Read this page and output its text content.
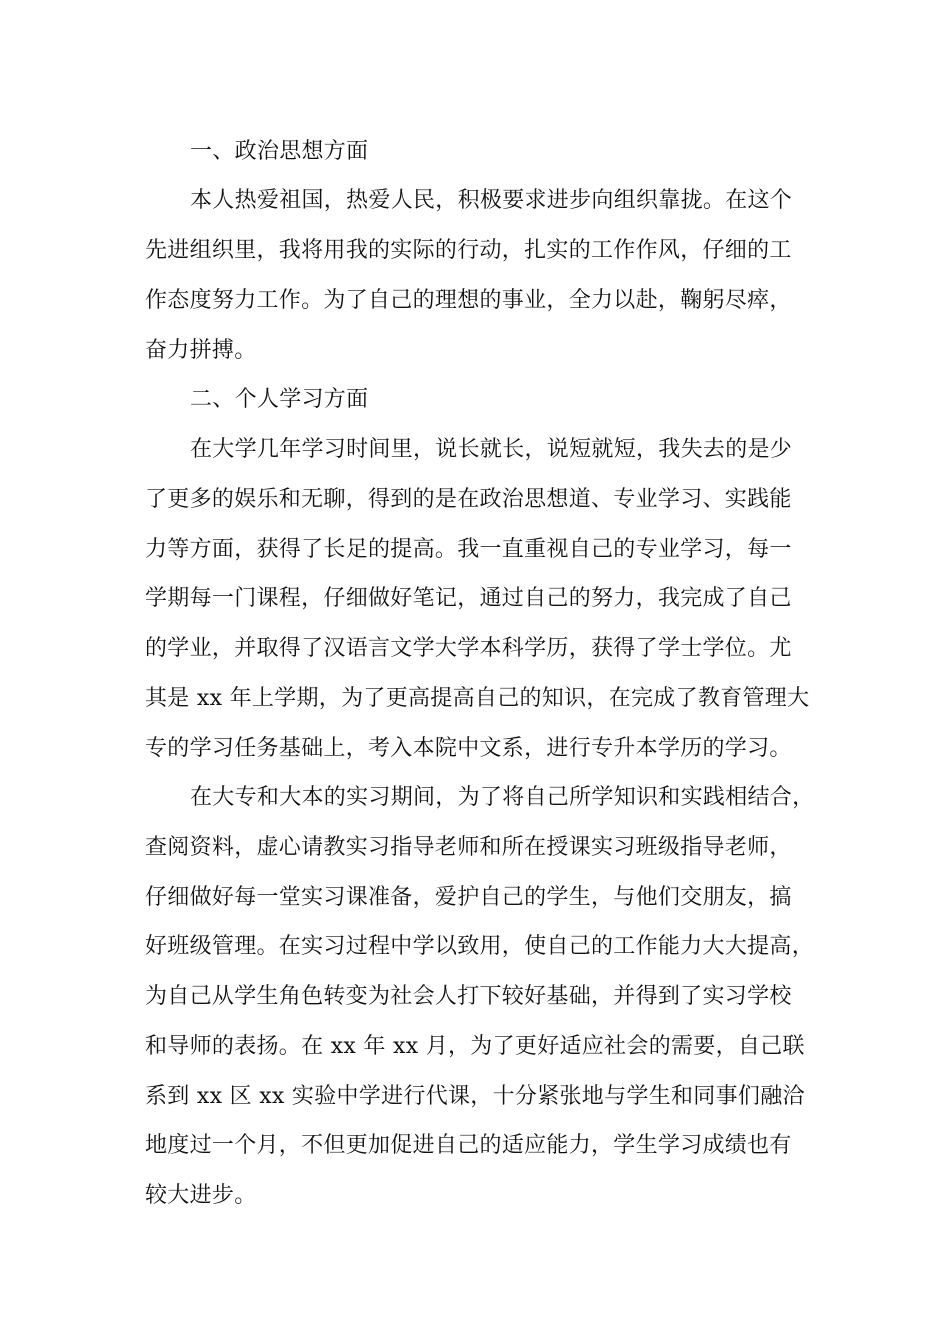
一、政治思想方面

本人热爱祖国，热爱人民，积极要求进步向组织靠拢。在这个

先进组织里，我将用我的实际的行动，扎实的工作作风，仔细的工

作态度努力工作。为了自己的理想的事业，全力以赴，鞠躬尽瘁，

奋力拼搏。

二、个人学习方面

在大学几年学习时间里，说长就长，说短就短，我失去的是少

了更多的娱乐和无聊，得到的是在政治思想道、专业学习、实践能

力等方面，获得了长足的提高。我一直重视自己的专业学习，每一

学期每一门课程，仔细做好笔记，通过自己的努力，我完成了自己

的学业，并取得了汉语言文学大学本科学历，获得了学士学位。尤

其是 xx 年上学期，为了更高提高自己的知识，在完成了教育管理大

专的学习任务基础上，考入本院中文系，进行专升本学历的学习。

在大专和大本的实习期间，为了将自己所学知识和实践相结合，

查阅资料，虚心请教实习指导老师和所在授课实习班级指导老师，

仔细做好每一堂实习课准备，爱护自己的学生，与他们交朋友，搞

好班级管理。在实习过程中学以致用，使自己的工作能力大大提高，

为自己从学生角色转变为社会人打下较好基础，并得到了实习学校

和导师的表扬。在 xx 年 xx 月，为了更好适应社会的需要，自己联

系到 xx 区 xx 实验中学进行代课，十分紧张地与学生和同事们融洽

地度过一个月，不但更加促进自己的适应能力，学生学习成绩也有

较大进步。
